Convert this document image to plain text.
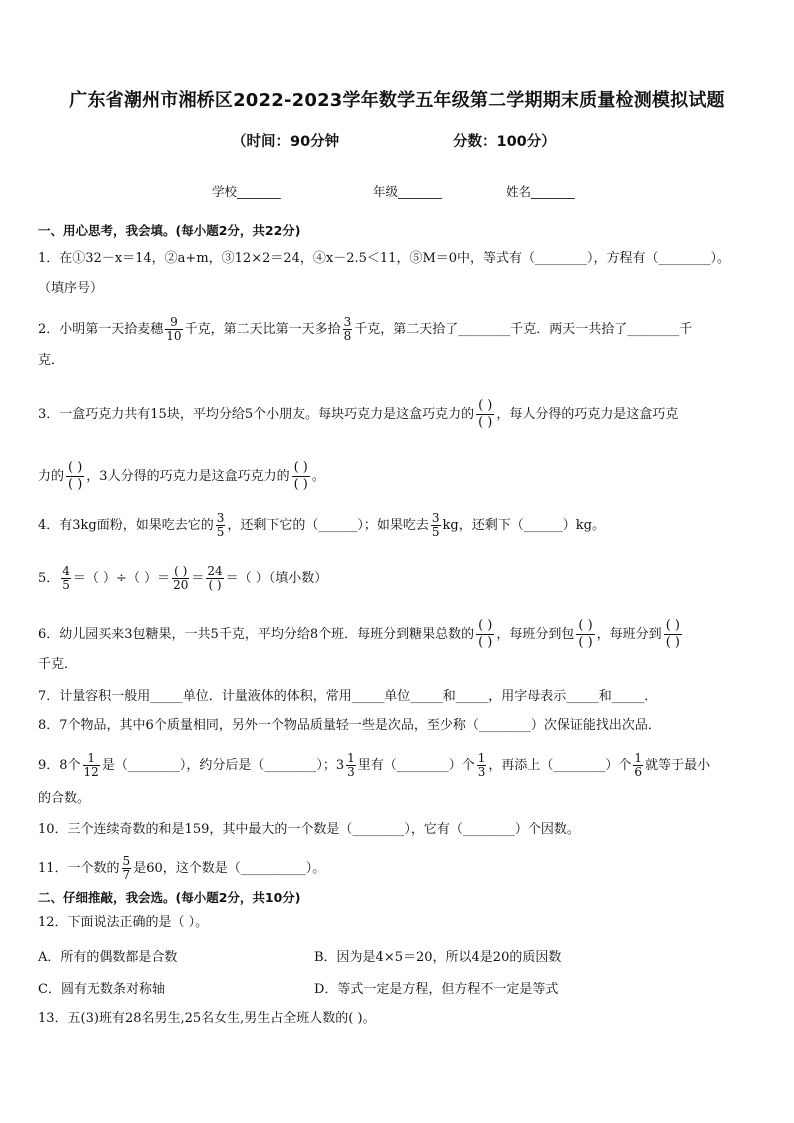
广东省潮州市湘桥区2022-2023学年数学五年级第二学期期末质量检测模拟试题
（时间：90分钟	分数：100分）
学校_______	年级_______	姓名_______
一、用心思考，我会填。(每小题2分，共22分)
1．在①32－x＝14，②a+m，③12×2＝24，④x－2.5＜11，⑤M＝0中，等式有（________），方程有（________）。
（填序号）
2．小明第一天拾麦穗 $\frac{9}{10}$ 千克，第二天比第一天多拾 $\frac{3}{8}$ 千克，第二天拾了________千克．两天一共拾了________千
克．
3．一盒巧克力共有15块，平均分给5个小朋友。每块巧克力是这盒巧克力的 $\frac{( )}{( )}$ ，每人分得的巧克力是这盒巧克
力的 $\frac{( )}{( )}$ ，3人分得的巧克力是这盒巧克力的 $\frac{( )}{( )}$ 。
4．有3kg面粉，如果吃去它的 $\frac{3}{5}$ ，还剩下它的（______）；如果吃去 $\frac{3}{5}$ kg，还剩下（______）kg。
5． $\frac{4}{5}$ ＝（ ）÷（ ）＝ $\frac{( )}{20} = \frac{24}{( )}$ ＝（ ）（填小数）
6．幼儿园买来3包糖果，一共5千克，平均分给8个班．每班分到糖果总数的 $\frac{( )}{( )}$ ，每班分到包 $\frac{( )}{( )}$ ，每班分到 $\frac{( )}{( )}$
千克．
7．计量容积一般用_____单位．计量液体的体积，常用_____单位_____和_____，用字母表示_____和_____．
8．7个物品，其中6个质量相同，另外一个物品质量轻一些是次品，至少称（________）次保证能找出次品．
9．8个 $\frac{1}{12}$ 是（________），约分后是（________）；$3 \frac{1}{3}$ 里有（________）个 $\frac{1}{3}$ ，再添上（________）个 $\frac{1}{6}$ 就等于最小
的合数。
10．三个连续奇数的和是159，其中最大的一个数是（________），它有（________）个因数。
11．一个数的 $\frac{5}{7}$ 是60，这个数是（__________）。
二、仔细推敲，我会选。(每小题2分，共10分)
12．下面说法正确的是（ ）。
A．所有的偶数都是合数	B．因为是4×5＝20，所以4是20的质因数
C．圆有无数条对称轴	D．等式一定是方程，但方程不一定是等式
13．五(3)班有28名男生,25名女生,男生占全班人数的( )。
